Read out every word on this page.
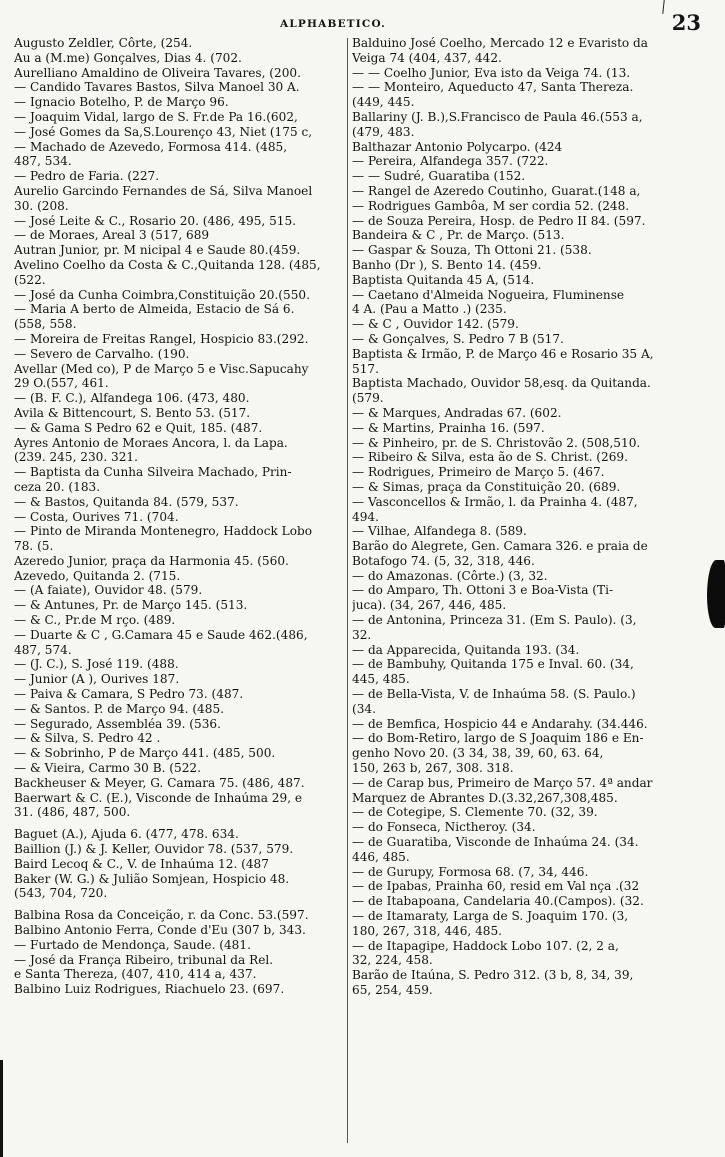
ALPHABETICO.	23
Augusto Zeldler, Côrte, (254.
Au a (M.me) Gonçalves, Dias 4. (702.
Aurelliano Amaldino de Oliveira Tavares, (200.
— Candido Tavares Bastos, Silva Manoel 30 A.
— Ignacio Botelho, P. de Março 96.
— Joaquim Vidal, largo de S. Fr.de Pa 16.(602,
— José Gomes da Sa,S.Lourenço 43, Niet (175 c,
— Machado de Azevedo, Formosa 414. (485,
487, 534.
— Pedro de Faria. (227.
Aurelio Garcindo Fernandes de Sá, Silva Manoel
30. (208.
— José Leite & C., Rosario 20. (486, 495, 515.
— de Moraes, Areal 3 (517, 689
Autran Junior, pr. M nicipal 4 e Saude 80.(459.
Avelino Coelho da Costa & C.,Quitanda 128. (485,
(522.
— José da Cunha Coimbra,Constituição 20.(550.
— Maria A berto de Almeida, Estacio de Sá 6.
(558, 558.
— Moreira de Freitas Rangel, Hospicio 83.(292.
— Severo de Carvalho. (190.
Avellar (Med co), P de Março 5 e Visc.Sapucahy
29 O.(557, 461.
— (B. F. C.), Alfandega 106. (473, 480.
Avila & Bittencourt, S. Bento 53. (517.
— & Gama S Pedro 62 e Quit, 185. (487.
Ayres Antonio de Moraes Ancora, l. da Lapa.
(239. 245, 230. 321.
— Baptista da Cunha Silveira Machado, Prin-
ceza 20. (183.
— & Bastos, Quitanda 84. (579, 537.
— Costa, Ourives 71. (704.
— Pinto de Miranda Montenegro, Haddock Lobo
78. (5.
Azeredo Junior, praça da Harmonia 45. (560.
Azevedo, Quitanda 2. (715.
— (A faiate), Ouvidor 48. (579.
— & Antunes, Pr. de Março 145. (513.
— & C., Pr.de M rço. (489.
— Duarte & C , G.Camara 45 e Saude 462.(486,
487, 574.
— (J. C.), S. José 119. (488.
— Junior (A ), Ourives 187.
— Paiva & Camara, S Pedro 73. (487.
— & Santos. P. de Março 94. (485.
— Segurado, Assembléa 39. (536.
— & Silva, S. Pedro 42 .
— & Sobrinho, P de Março 441. (485, 500.
— & Vieira, Carmo 30 B. (522.
Backheuser & Meyer, G. Camara 75. (486, 487.
Baerwart & C. (E.), Visconde de Inhaúma 29, e
31. (486, 487, 500.
Baguet (A.), Ajuda 6. (477, 478. 634.
Baillion (J.) & J. Keller, Ouvidor 78. (537, 579.
Baird Lecoq & C., V. de Inhaúma 12. (487
Baker (W. G.) & Julião Somjean, Hospicio 48.
(543, 704, 720.
Balbina Rosa da Conceição, r. da Conc. 53.(597.
Balbino Antonio Ferra, Conde d'Eu (307 b, 343.
— Furtado de Mendonça, Saude. (481.
— José da França Ribeiro, tribunal da Rel.
e Santa Thereza, (407, 410, 414 a, 437.
Balbino Luiz Rodrigues, Riachuelo 23. (697.
Balduino José Coelho, Mercado 12 e Evaristo da
Veiga 74 (404, 437, 442.
— — Coelho Junior, Eva isto da Veiga 74. (13.
— — Monteiro, Aqueducto 47, Santa Thereza.
(449, 445.
Ballariny (J. B.),S.Francisco de Paula 46.(553 a,
(479, 483.
Balthazar Antonio Polycarpo. (424
— Pereira, Alfandega 357. (722.
— — Sudré, Guaratiba (152.
— Rangel de Azeredo Coutinho, Guarat.(148 a,
— Rodrigues Gambôa, M ser cordia 52. (248.
— de Souza Pereira, Hosp. de Pedro II 84. (597.
Bandeira & C , Pr. de Março. (513.
— Gaspar & Souza, Th Ottoni 21. (538.
Banho (Dr ), S. Bento 14. (459.
Baptista Quitanda 45 A, (514.
— Caetano d'Almeida Nogueira, Fluminense
4 A. (Pau a Matto .) (235.
— & C , Ouvidor 142. (579.
— & Gonçalves, S. Pedro 7 B (517.
Baptista & Irmão, P. de Março 46 e Rosario 35 A,
517.
Baptista Machado, Ouvidor 58,esq. da Quitanda.
(579.
— & Marques, Andradas 67. (602.
— & Martins, Prainha 16. (597.
— & Pinheiro, pr. de S. Christovão 2. (508,510.
— Ribeiro & Silva, esta ão de S. Christ. (269.
— Rodrigues, Primeiro de Março 5. (467.
— & Simas, praça da Constituição 20. (689.
— Vasconcellos & Irmão, l. da Prainha 4. (487,
494.
— Vilhae, Alfandega 8. (589.
Barão do Alegrete, Gen. Camara 326. e praia de
Botafogo 74. (5, 32, 318, 446.
— do Amazonas. (Côrte.) (3, 32.
— do Amparo, Th. Ottoni 3 e Boa-Vista (Ti-
juca). (34, 267, 446, 485.
— de Antonina, Princeza 31. (Em S. Paulo). (3,
32.
— da Apparecida, Quitanda 193. (34.
— de Bambuhy, Quitanda 175 e Inval. 60. (34,
445, 485.
— de Bella-Vista, V. de Inhaúma 58. (S. Paulo.)
(34.
— de Bemfica, Hospicio 44 e Andarahy. (34.446.
— do Bom-Retiro, largo de S Joaquim 186 e En-
genho Novo 20. (3 34, 38, 39, 60, 63. 64,
150, 263 b, 267, 308. 318.
— de Carap bus, Primeiro de Março 57. 4ª andar
Marquez de Abrantes D.(3.32,267,308,485.
— de Cotegipe, S. Clemente 70. (32, 39.
— do Fonseca, Nictheroy. (34.
— de Guaratiba, Visconde de Inhaúma 24. (34.
446, 485.
— de Gurupy, Formosa 68. (7, 34, 446.
— de Ipabas, Prainha 60, resid em Val nça .(32
— de Itabapoana, Candelaria 40.(Campos). (32.
— de Itamaraty, Larga de S. Joaquim 170. (3,
180, 267, 318, 446, 485.
— de Itapagipe, Haddock Lobo 107. (2, 2 a,
32, 224, 458.
Barão de Itaúna, S. Pedro 312. (3 b, 8, 34, 39,
65, 254, 459.
